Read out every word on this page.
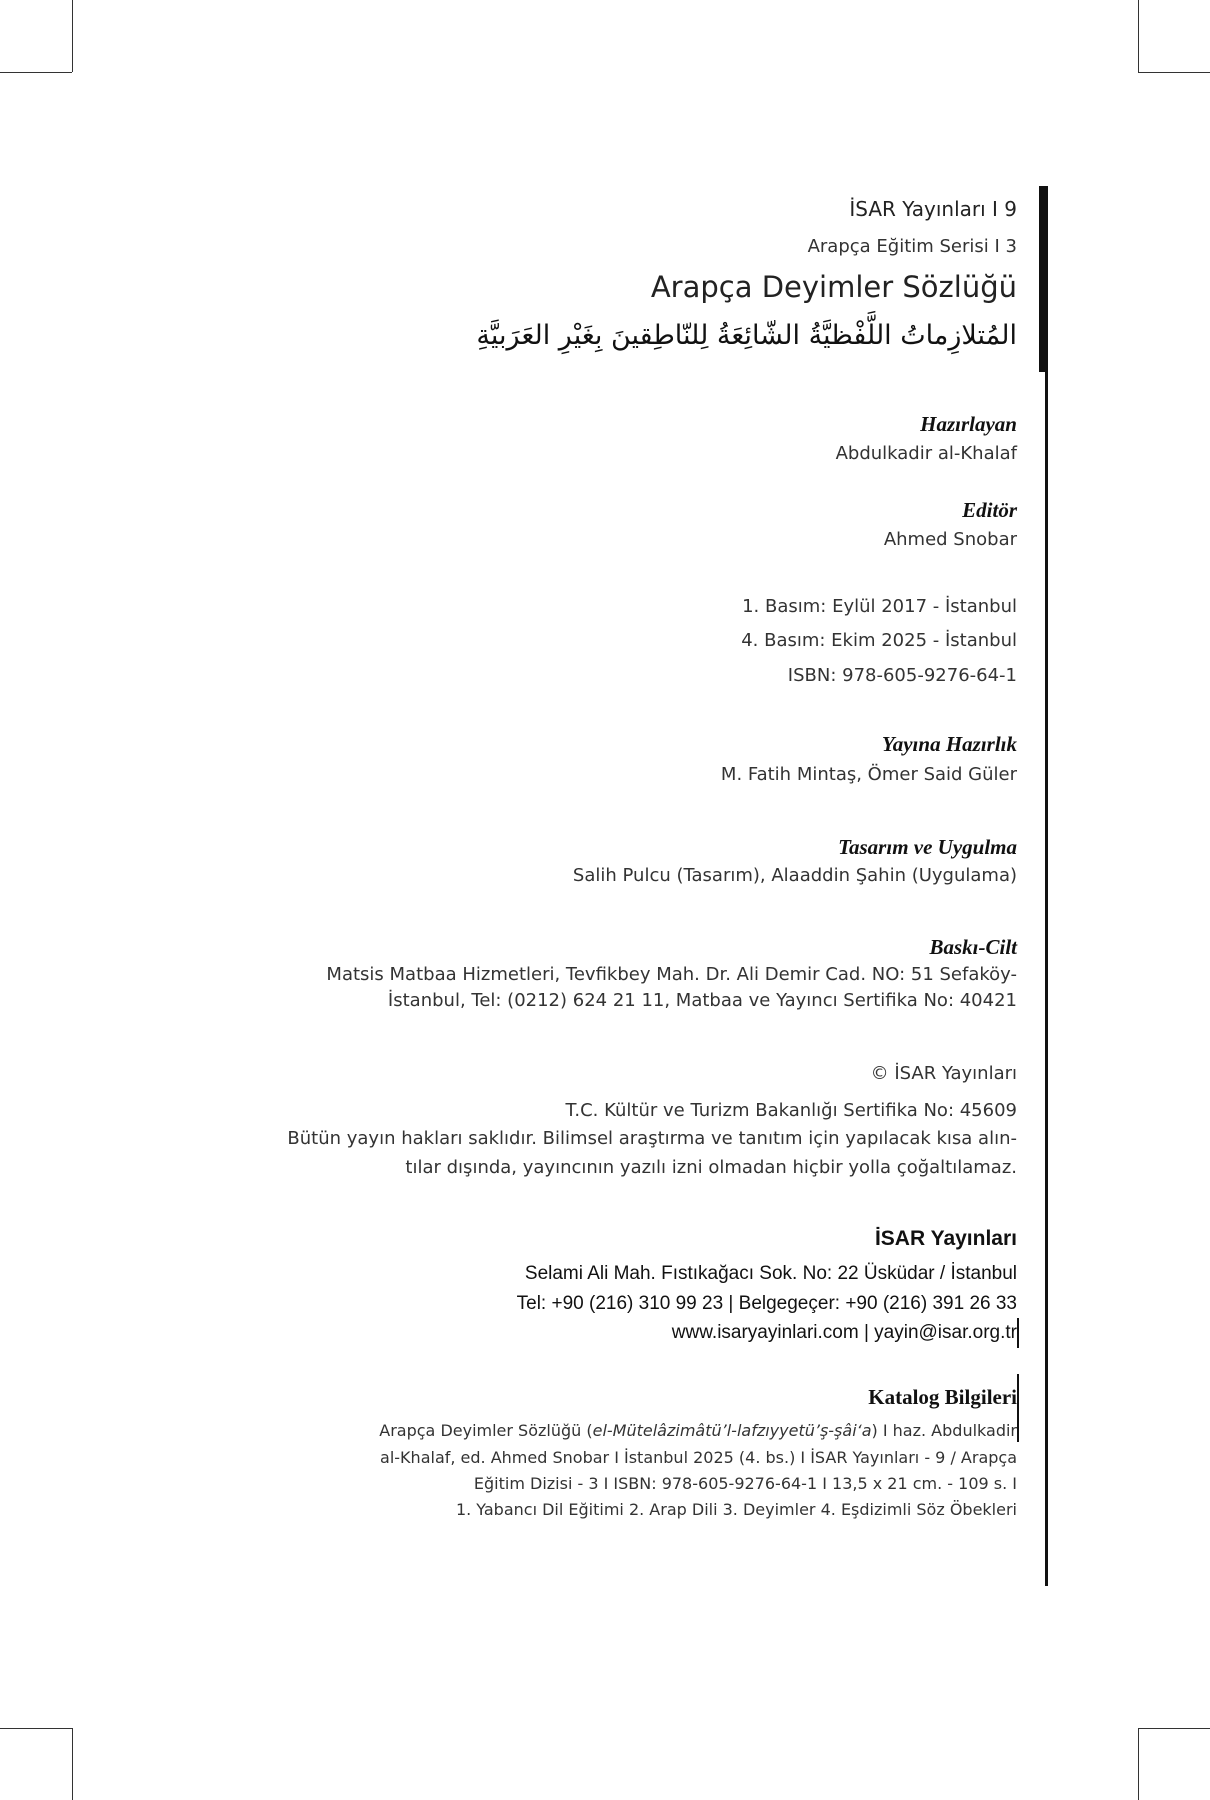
İSAR Yayınları I 9
Arapça Eğitim Serisi I 3
Arapça Deyimler Sözlüğü
المُتلازِماتُ اللَّفْظيَّةُ الشّائِعَةُ لِلنّاطِقينَ بِغَيْرِ العَرَبيَّةِ
Hazırlayan
Abdulkadir al-Khalaf
Editör
Ahmed Snobar
1. Basım: Eylül 2017 - İstanbul
4. Basım: Ekim 2025 - İstanbul
ISBN: 978-605-9276-64-1
Yayına Hazırlık
M. Fatih Mintaş, Ömer Said Güler
Tasarım ve Uygulma
Salih Pulcu (Tasarım), Alaaddin Şahin (Uygulama)
Baskı-Cilt
Matsis Matbaa Hizmetleri, Tevfikbey Mah. Dr. Ali Demir Cad. NO: 51 Sefaköy-
İstanbul, Tel: (0212) 624 21 11, Matbaa ve Yayıncı Sertifika No: 40421
© İSAR Yayınları
T.C. Kültür ve Turizm Bakanlığı Sertifika No: 45609
Bütün yayın hakları saklıdır. Bilimsel araştırma ve tanıtım için yapılacak kısa alın-
tılar dışında, yayıncının yazılı izni olmadan hiçbir yolla çoğaltılamaz.
İSAR Yayınları
Selami Ali Mah. Fıstıkağacı Sok. No: 22 Üsküdar / İstanbul
Tel: +90 (216) 310 99 23 | Belgegeçer: +90 (216) 391 26 33
www.isaryayinlari.com | yayin@isar.org.tr
Katalog Bilgileri
Arapça Deyimler Sözlüğü (el-Mütelâzimâtü’l-lafzıyyetü’ş-şâi‘a) I haz. Abdulkadir
al-Khalaf, ed. Ahmed Snobar I İstanbul 2025 (4. bs.) I İSAR Yayınları - 9 / Arapça
Eğitim Dizisi - 3 I ISBN: 978-605-9276-64-1 I 13,5 x 21 cm. - 109 s. I
1. Yabancı Dil Eğitimi 2. Arap Dili 3. Deyimler 4. Eşdizimli Söz Öbekleri
